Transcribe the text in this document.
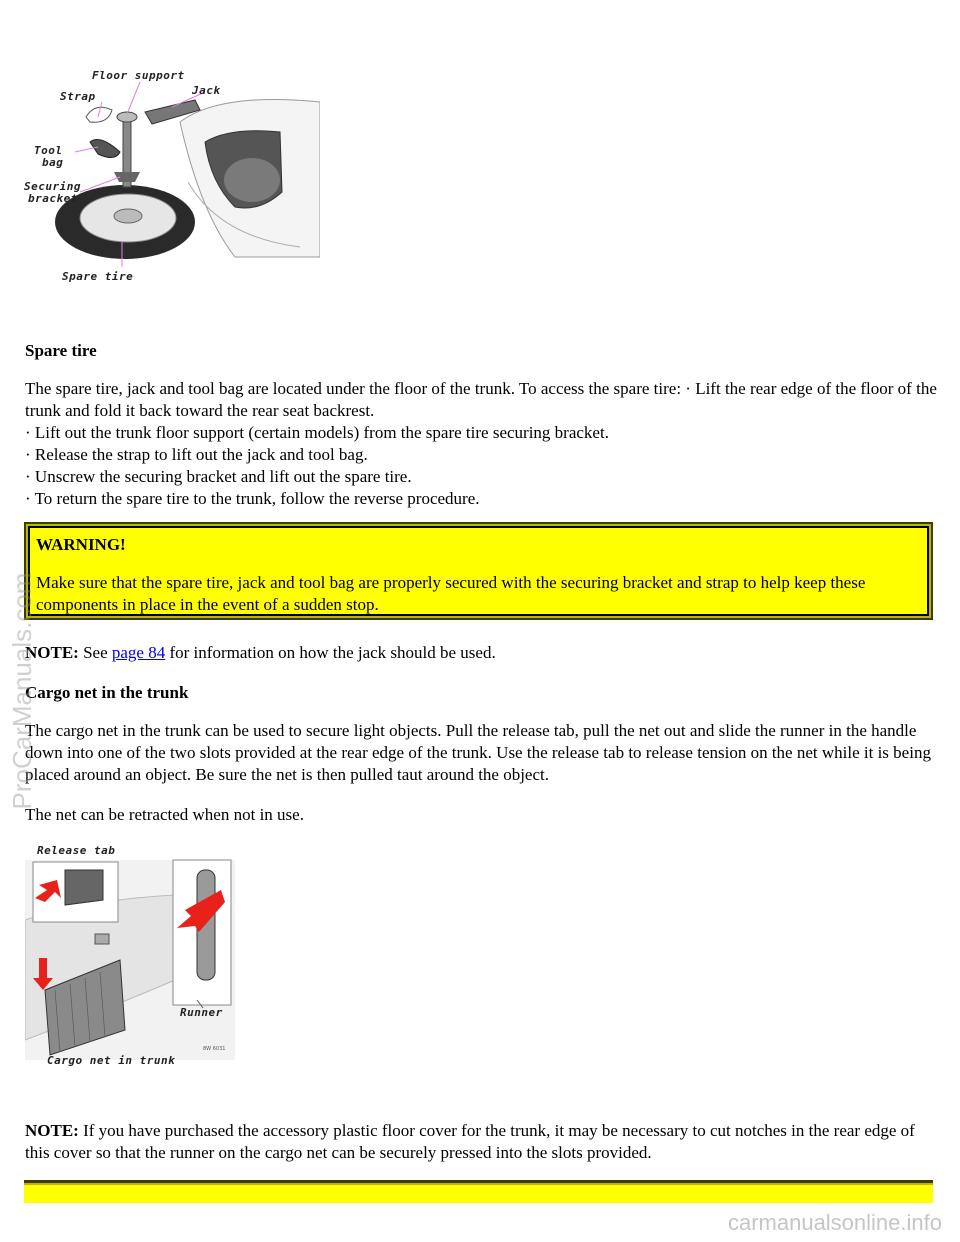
Floor support
Strap	Jack
Tool
bag
Securing
bracket
Spare tire
Spare tire

The spare tire, jack and tool bag are located under the floor of the trunk. To access the spare tire: · Lift the rear edge of the floor of the trunk and fold it back toward the rear seat backrest.

· Lift out the trunk floor support (certain models) from the spare tire securing bracket.

· Release the strap to lift out the jack and tool bag.

· Unscrew the securing bracket and lift out the spare tire.

· To return the spare tire to the trunk, follow the reverse procedure.

WARNING!
Make sure that the spare tire, jack and tool bag are properly secured with the securing bracket and strap to help keep these components in place in the event of a sudden stop.
NOTE: See page 84 for information on how the jack should be used.
Cargo net in the trunk

The cargo net in the trunk can be used to secure light objects. Pull the release tab, pull the net out and slide the runner in the handle down into one of the two slots provided at the rear edge of the trunk. Use the release tab to release tension on the net while it is being placed around an object. Be sure the net is then pulled taut around the object.

The net can be retracted when not in use.

Release tab
Runner
Cargo net in trunk
8W 6031
NOTE: If you have purchased the accessory plastic floor cover for the trunk, it may be necessary to cut notches in the rear edge of this cover so that the runner on the cargo net can be securely pressed into the slots provided.
ProCarManuals.com
carmanualsonline.info
